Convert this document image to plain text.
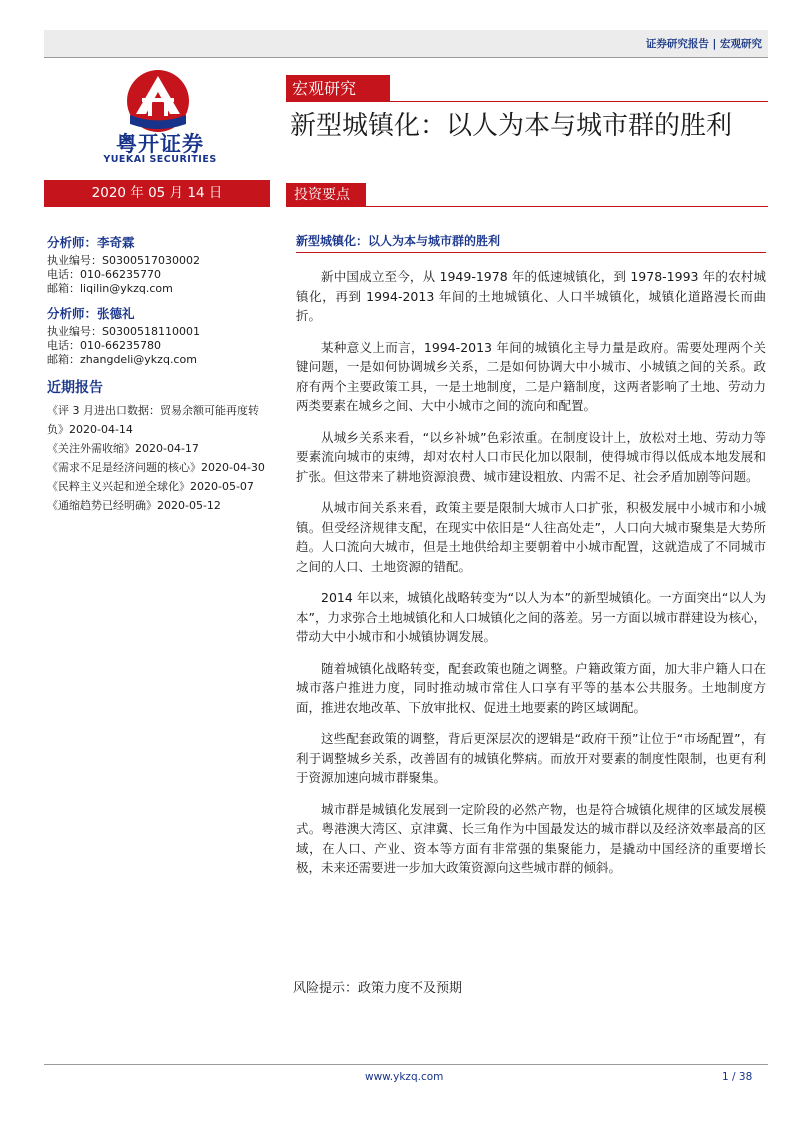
证券研究报告 | 宏观研究
粤开证券
YUEKAI SECURITIES
2020 年 05 月 14 日
宏观研究
新型城镇化：以人为本与城市群的胜利
投资要点
分析师：李奇霖
执业编号：S0300517030002
电话：010-66235770
邮箱：liqilin@ykzq.com
分析师：张德礼
执业编号：S0300518110001
电话：010-66235780
邮箱：zhangdeli@ykzq.com
近期报告
《评 3 月进出口数据：贸易余额可能再度转负》2020-04-14
《关注外需收缩》2020-04-17
《需求不足是经济问题的核心》2020-04-30
《民粹主义兴起和逆全球化》2020-05-07
《通缩趋势已经明确》2020-05-12
新型城镇化：以人为本与城市群的胜利

新中国成立至今，从 1949-1978 年的低速城镇化，到 1978-1993 年的农村城镇化，再到 1994-2013 年间的土地城镇化、人口半城镇化，城镇化道路漫长而曲折。

某种意义上而言，1994-2013 年间的城镇化主导力量是政府。需要处理两个关键问题，一是如何协调城乡关系，二是如何协调大中小城市、小城镇之间的关系。政府有两个主要政策工具，一是土地制度，二是户籍制度，这两者影响了土地、劳动力两类要素在城乡之间、大中小城市之间的流向和配置。

从城乡关系来看，“以乡补城”色彩浓重。在制度设计上，放松对土地、劳动力等要素流向城市的束缚，却对农村人口市民化加以限制，使得城市得以低成本地发展和扩张。但这带来了耕地资源浪费、城市建设粗放、内需不足、社会矛盾加剧等问题。

从城市间关系来看，政策主要是限制大城市人口扩张，积极发展中小城市和小城镇。但受经济规律支配，在现实中依旧是“人往高处走”，人口向大城市聚集是大势所趋。人口流向大城市，但是土地供给却主要朝着中小城市配置，这就造成了不同城市之间的人口、土地资源的错配。

2014 年以来，城镇化战略转变为“以人为本”的新型城镇化。一方面突出“以人为本”，力求弥合土地城镇化和人口城镇化之间的落差。另一方面以城市群建设为核心，带动大中小城市和小城镇协调发展。

随着城镇化战略转变，配套政策也随之调整。户籍政策方面，加大非户籍人口在城市落户推进力度，同时推动城市常住人口享有平等的基本公共服务。土地制度方面，推进农地改革、下放审批权、促进土地要素的跨区域调配。

这些配套政策的调整，背后更深层次的逻辑是“政府干预”让位于“市场配置”，有利于调整城乡关系，改善固有的城镇化弊病。而放开对要素的制度性限制，也更有利于资源加速向城市群聚集。

城市群是城镇化发展到一定阶段的必然产物，也是符合城镇化规律的区域发展模式。粤港澳大湾区、京津冀、长三角作为中国最发达的城市群以及经济效率最高的区域，在人口、产业、资本等方面有非常强的集聚能力，是撬动中国经济的重要增长极，未来还需要进一步加大政策资源向这些城市群的倾斜。

风险提示：政策力度不及预期
www.ykzq.com	1 / 38
